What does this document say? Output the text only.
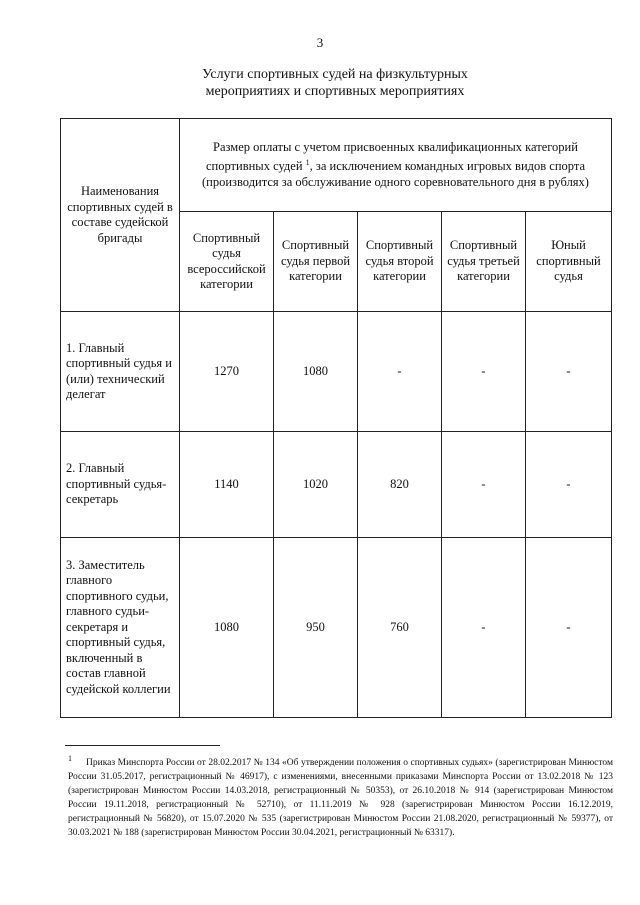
3
Услуги спортивных судей на физкультурных
мероприятиях и спортивных мероприятиях
Наименования спортивных судей в составе судейской бригады	Размер оплаты с учетом присвоенных квалификационных категорий спортивных судей $^1$, за исключением командных игровых видов спорта (производится за обслуживание одного соревновательного дня в рублях)				
	Спортивный судья всероссийской категории	Спортивный судья первой категории	Спортивный судья второй категории	Спортивный судья третьей категории	Юный спортивный судья
1. Главный спортивный судья и (или) технический делегат	1270	1080	-	-	-
2. Главный спортивный судья-секретарь	1140	1020	820	-	-
3. Заместитель главного спортивного судьи, главного судьи-секретаря и спортивный судья, включенный в состав главной судейской коллегии	1080	950	760	-	-
$^1$ Приказ Минспорта России от 28.02.2017 № 134 «Об утверждении положения о спортивных судьях» (зарегистрирован Минюстом России 31.05.2017, регистрационный № 46917), с изменениями, внесенными приказами Минспорта России от 13.02.2018 № 123 (зарегистрирован Минюстом России 14.03.2018, регистрационный № 50353), от 26.10.2018 № 914 (зарегистрирован Минюстом России 19.11.2018, регистрационный № 52710), от 11.11.2019 № 928 (зарегистрирован Минюстом России 16.12.2019, регистрационный № 56820), от 15.07.2020 № 535 (зарегистрирован Минюстом России 21.08.2020, регистрационный № 59377), от 30.03.2021 № 188 (зарегистрирован Минюстом России 30.04.2021, регистрационный № 63317).
